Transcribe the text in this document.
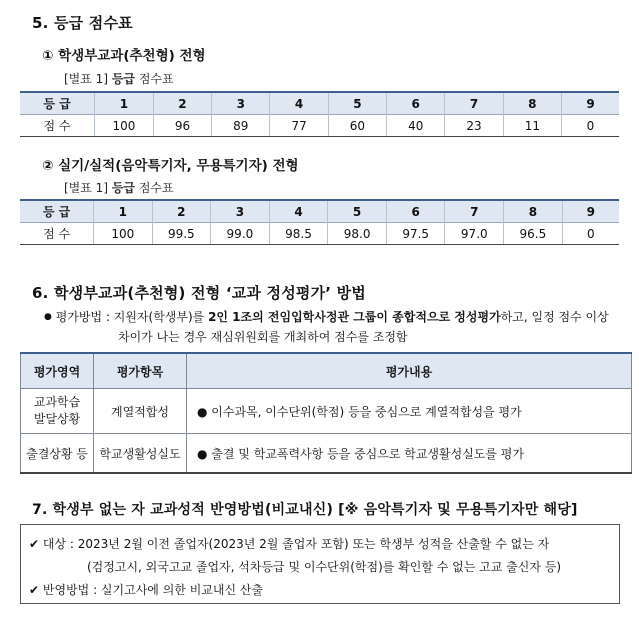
5. 등급 점수표
① 학생부교과(추천형) 전형
[별표 1] 등급 점수표
등 급	1	2	3	4	5	6	7	8	9
점 수	100	96	89	77	60	40	23	11	0
② 실기/실적(음악특기자, 무용특기자) 전형
[별표 1] 등급 점수표
등 급	1	2	3	4	5	6	7	8	9
점 수	100	99.5	99.0	98.5	98.0	97.5	97.0	96.5	0
6. 학생부교과(추천형) 전형 ‘교과 정성평가’ 방법
● 평가방법 : 지원자(학생부)를 2인 1조의 전임입학사정관 그룹이 종합적으로 정성평가하고, 일정 점수 이상
차이가 나는 경우 재심위원회를 개최하여 점수를 조정함
평가영역	평가항목	평가내용
교과학습
발달상황	계열적합성	● 이수과목, 이수단위(학점) 등을 중심으로 계열적합성을 평가
출결상황 등	학교생활성실도	● 출결 및 학교폭력사항 등을 중심으로 학교생활성실도를 평가
7. 학생부 없는 자 교과성적 반영방법(비교내신) [※ 음악특기자 및 무용특기자만 해당]
✔ 대상 : 2023년 2월 이전 졸업자(2023년 2월 졸업자 포함) 또는 학생부 성적을 산출할 수 없는 자
(검정고시, 외국고교 졸업자, 석차등급 및 이수단위(학점)를 확인할 수 없는 고교 출신자 등)
✔ 반영방법 : 실기고사에 의한 비교내신 산출
